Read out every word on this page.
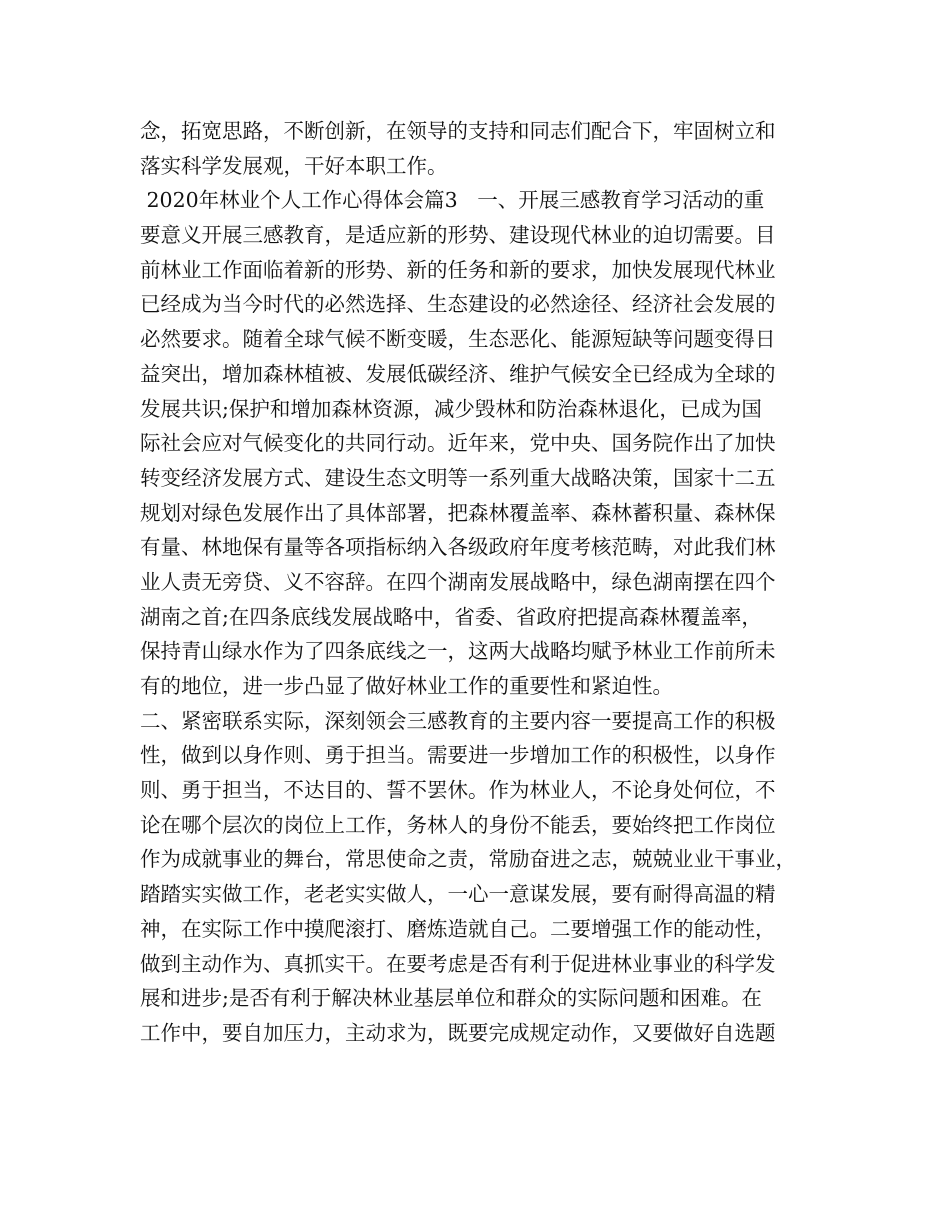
念，拓宽思路，不断创新，在领导的支持和同志们配合下，牢固树立和
落实科学发展观，干好本职工作。
2020年林业个人工作心得体会篇3   一、开展三感教育学习活动的重
要意义开展三感教育，是适应新的形势、建设现代林业的迫切需要。目
前林业工作面临着新的形势、新的任务和新的要求，加快发展现代林业
已经成为当今时代的必然选择、生态建设的必然途径、经济社会发展的
必然要求。随着全球气候不断变暖，生态恶化、能源短缺等问题变得日
益突出，增加森林植被、发展低碳经济、维护气候安全已经成为全球的
发展共识;保护和增加森林资源，减少毁林和防治森林退化，已成为国
际社会应对气候变化的共同行动。近年来，党中央、国务院作出了加快
转变经济发展方式、建设生态文明等一系列重大战略决策，国家十二五
规划对绿色发展作出了具体部署，把森林覆盖率、森林蓄积量、森林保
有量、林地保有量等各项指标纳入各级政府年度考核范畴，对此我们林
业人责无旁贷、义不容辞。在四个湖南发展战略中，绿色湖南摆在四个
湖南之首;在四条底线发展战略中，省委、省政府把提高森林覆盖率，
保持青山绿水作为了四条底线之一，这两大战略均赋予林业工作前所未
有的地位，进一步凸显了做好林业工作的重要性和紧迫性。
二、紧密联系实际，深刻领会三感教育的主要内容一要提高工作的积极
性，做到以身作则、勇于担当。需要进一步增加工作的积极性，以身作
则、勇于担当，不达目的、誓不罢休。作为林业人，不论身处何位，不
论在哪个层次的岗位上工作，务林人的身份不能丢，要始终把工作岗位
作为成就事业的舞台，常思使命之责，常励奋进之志，兢兢业业干事业，
踏踏实实做工作，老老实实做人，一心一意谋发展，要有耐得高温的精
神，在实际工作中摸爬滚打、磨炼造就自己。二要增强工作的能动性，
做到主动作为、真抓实干。在要考虑是否有利于促进林业事业的科学发
展和进步;是否有利于解决林业基层单位和群众的实际问题和困难。在
工作中，要自加压力，主动求为，既要完成规定动作，又要做好自选题
